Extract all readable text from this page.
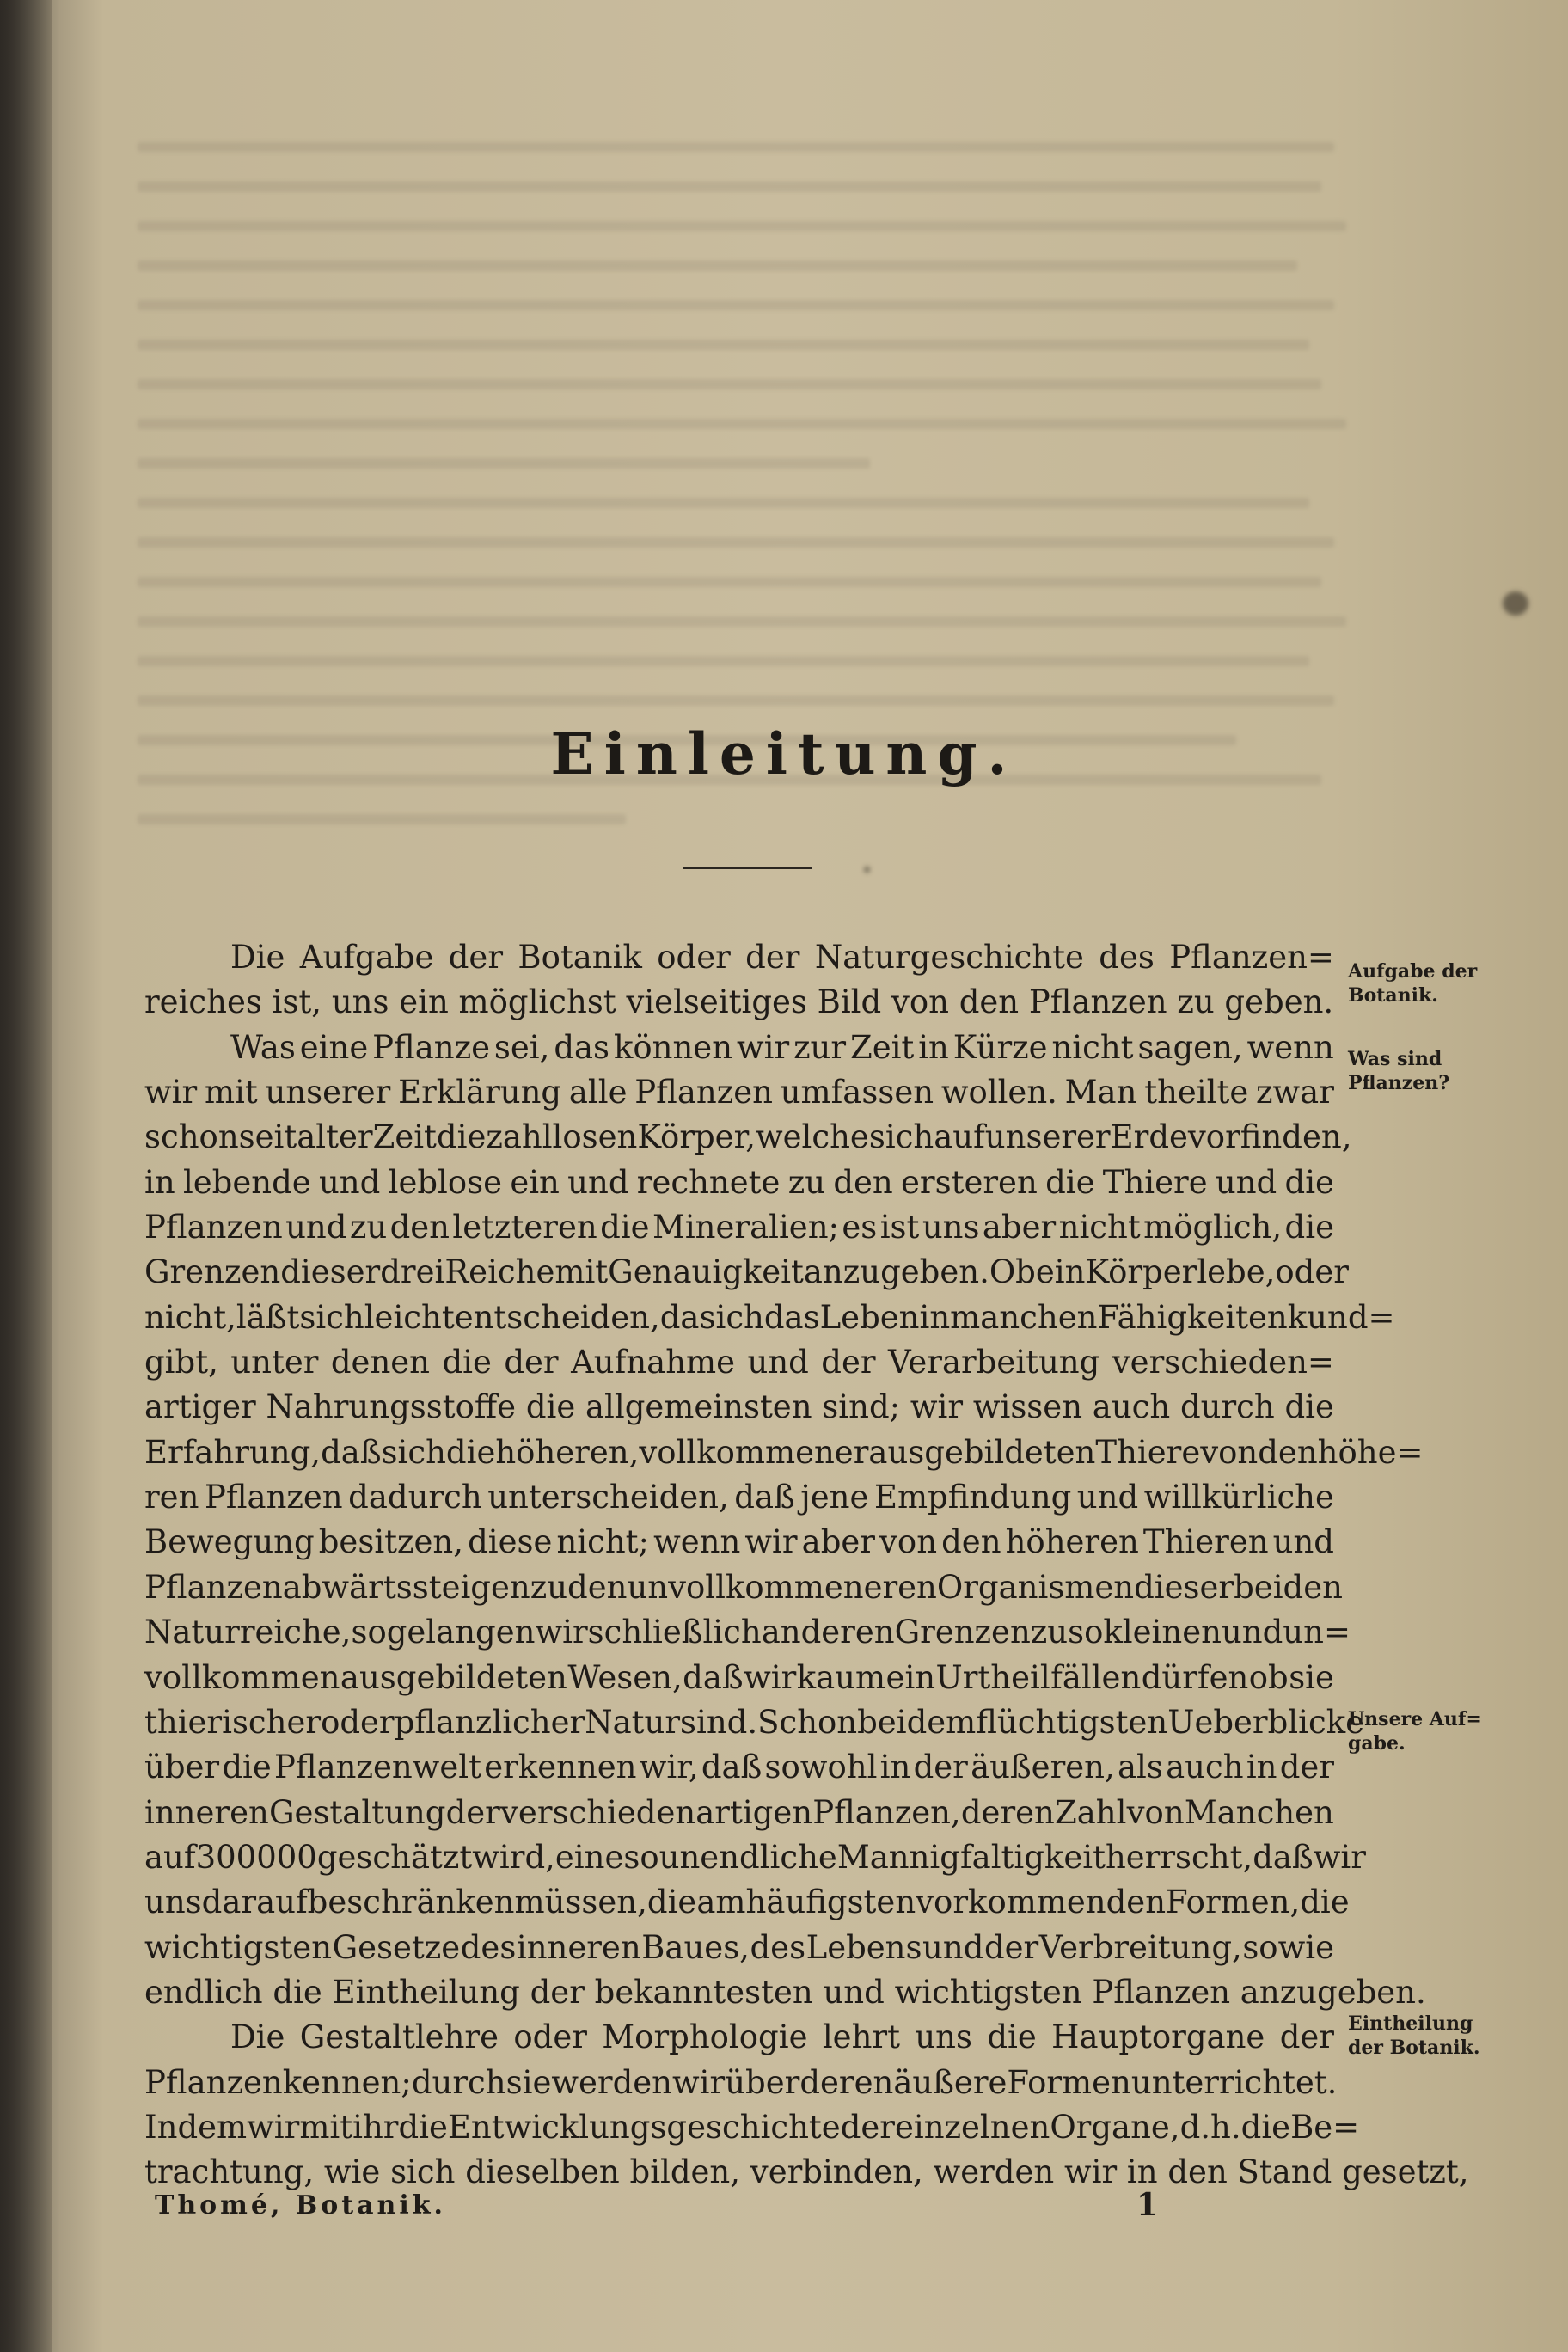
Einleitung.
Die Aufgabe der Botanik oder der Naturgeschichte des Pflanzen=
reiches ist, uns ein möglichst vielseitiges Bild von den Pflanzen zu geben.
Was eine Pflanze sei, das können wir zur Zeit in Kürze nicht sagen, wenn
wir mit unserer Erklärung alle Pflanzen umfassen wollen. Man theilte zwar
schon seit alter Zeit die zahllosen Körper, welche sich auf unserer Erde vorfinden,
in lebende und leblose ein und rechnete zu den ersteren die Thiere und die
Pflanzen und zu den letzteren die Mineralien; es ist uns aber nicht möglich, die
Grenzen dieser drei Reiche mit Genauigkeit anzugeben. Ob ein Körper lebe, oder
nicht, läßt sich leicht entscheiden, da sich das Leben in manchen Fähigkeiten kund=
gibt, unter denen die der Aufnahme und der Verarbeitung verschieden=
artiger Nahrungsstoffe die allgemeinsten sind; wir wissen auch durch die
Erfahrung, daß sich die höheren, vollkommener ausgebildeten Thiere von den höhe=
ren Pflanzen dadurch unterscheiden, daß jene Empfindung und willkürliche
Bewegung besitzen, diese nicht; wenn wir aber von den höheren Thieren und
Pflanzen abwärts steigen zu den unvollkommeneren Organismen dieser beiden
Naturreiche, so gelangen wir schließlich an deren Grenzen zu so kleinen und un=
vollkommen ausgebildeten Wesen, daß wir kaum ein Urtheil fällen dürfen ob sie
thierischer oder pflanzlicher Natur sind. Schon bei dem flüchtigsten Ueberblicke
über die Pflanzenwelt erkennen wir, daß sowohl in der äußeren, als auch in der
inneren Gestaltung der verschiedenartigen Pflanzen, deren Zahl von Manchen
auf 300 000 geschätzt wird, eine so unendliche Mannigfaltigkeit herrscht, daß wir
uns darauf beschränken müssen, die am häufigsten vorkommenden Formen, die
wichtigsten Gesetze des inneren Baues, des Lebens und der Verbreitung, sowie
endlich die Eintheilung der bekanntesten und wichtigsten Pflanzen anzugeben.
Die Gestaltlehre oder Morphologie lehrt uns die Hauptorgane der
Pflanzen kennen; durch sie werden wir über deren äußere Formen unterrichtet.
Indem wir mit ihr die Entwicklungsgeschichte der einzelnen Organe, d. h. die Be=
trachtung, wie sich dieselben bilden, verbinden, werden wir in den Stand gesetzt,
Aufgabe der
Botanik.
Was sind
Pflanzen?
Unsere Auf=
gabe.
Eintheilung
der Botanik.
Thomé, Botanik.	1
